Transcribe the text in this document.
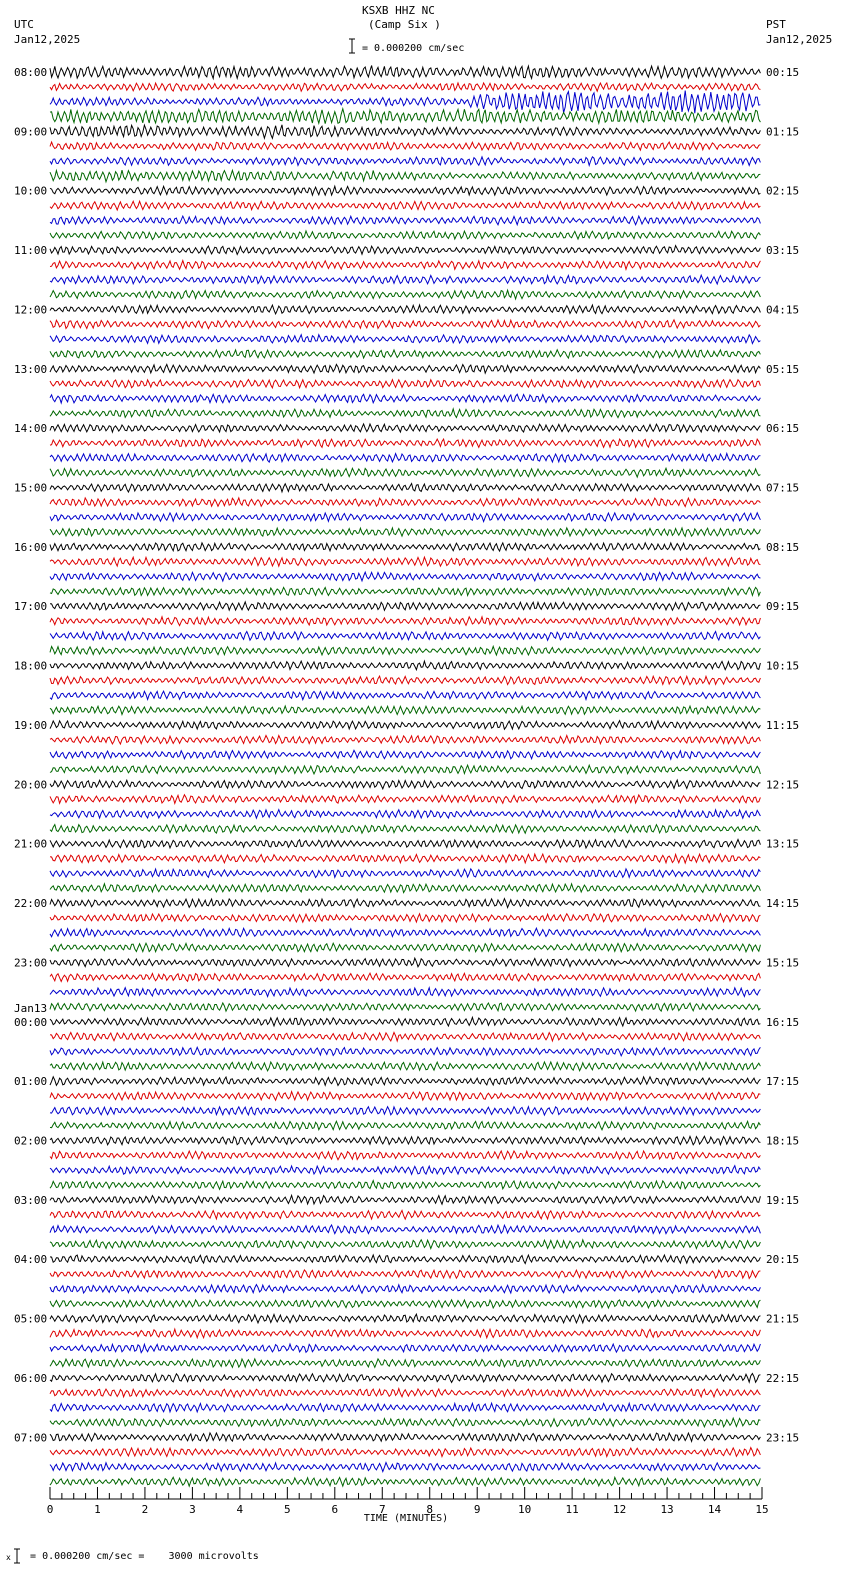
KSXB HHZ NC
(Camp Six )
UTC
Jan12,2025
PST
Jan12,2025
= 0.000200 cm/sec
0	1	2	3	4	5	6	7	8	9	10	11	12	13	14	15
TIME (MINUTES)
08:00
09:00
10:00
11:00
12:00
13:00
14:00
15:00
16:00
17:00
18:00
19:00
20:00
21:00
22:00
23:00
Jan13
00:00
01:00
02:00
03:00
04:00
05:00
06:00
07:00
00:15
01:15
02:15
03:15
04:15
05:15
06:15
07:15
08:15
09:15
10:15
11:15
12:15
13:15
14:15
15:15
16:15
17:15
18:15
19:15
20:15
21:15
22:15
23:15
x = 0.000200 cm/sec =    3000 microvolts
